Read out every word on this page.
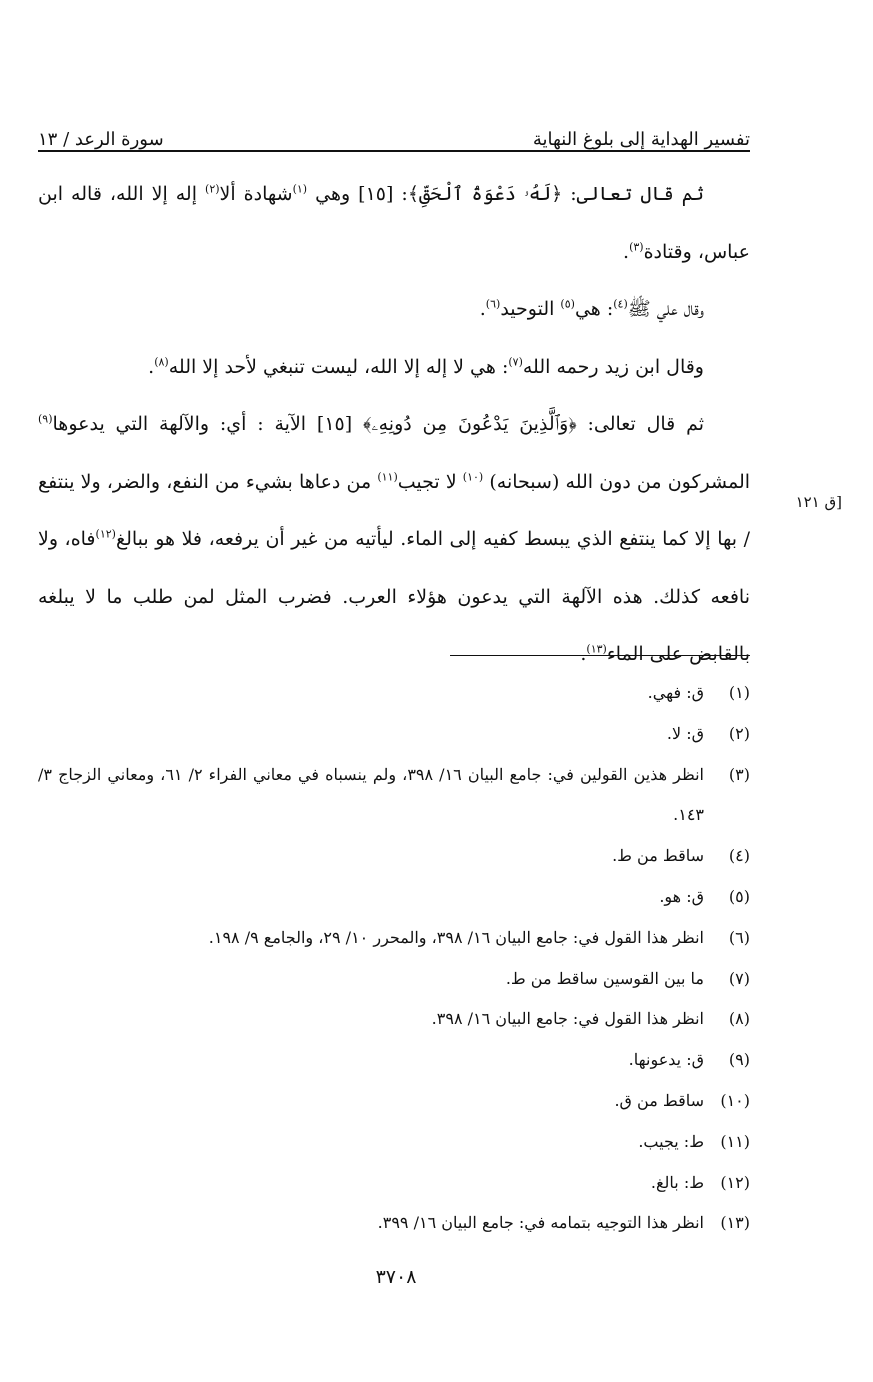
تفسير الهداية إلى بلوغ النهاية
سورة الرعد / ١٣

ثم قال تعالى: ﴿لَهُۥ دَعْوَةُ ٱلْحَقِّ﴾: [١٥] وهي $^{(١)}$شهادة ألا$^{(٢)}$ إله إلا الله، قاله ابن عباس، وقتادة$^{(٣)}$.

وقال علي ﷺ$^{(٤)}$: هي$^{(٥)}$ التوحيد$^{(٦)}$.

وقال ابن زيد رحمه الله$^{(٧)}$: هي لا إله إلا الله، ليست تنبغي لأحد إلا الله$^{(٨)}$.

ثم قال تعالى: ﴿وَٱلَّذِينَ يَدْعُونَ مِن دُونِهِۦ﴾ [١٥] الآية : أي: والآلهة التي يدعوها$^{(٩)}$ المشركون من دون الله (سبحانه) $^{(١٠)}$ لا تجيب$^{(١١)}$ من دعاها بشيء من النفع، والضر، ولا ينتفع / بها إلا كما ينتفع الذي يبسط كفيه إلى الماء. ليأتيه من غير أن يرفعه، فلا هو ببالغ$^{(١٢)}$فاه، ولا نافعه كذلك. هذه الآلهة التي يدعون هؤلاء العرب. فضرب المثل لمن طلب ما لا يبلغه بالقابض على الماء$^{(١٣)}$.

[ق ١٢١
(١)
ق: فهي.
(٢)
ق: لا.
(٣)
انظر هذين القولين في: جامع البيان ١٦/ ٣٩٨، ولم ينسباه في معاني الفراء ٢/ ٦١، ومعاني الزجاج ٣/ ١٤٣.
(٤)
ساقط من ط.
(٥)
ق: هو.
(٦)
انظر هذا القول في: جامع البيان ١٦/ ٣٩٨، والمحرر ١٠/ ٢٩، والجامع ٩/ ١٩٨.
(٧)
ما بين القوسين ساقط من ط.
(٨)
انظر هذا القول في: جامع البيان ١٦/ ٣٩٨.
(٩)
ق: يدعونها.
(١٠)
ساقط من ق.
(١١)
ط: يجيب.
(١٢)
ط: بالغ.
(١٣)
انظر هذا التوجيه بتمامه في: جامع البيان ١٦/ ٣٩٩.
٣٧٠٨
